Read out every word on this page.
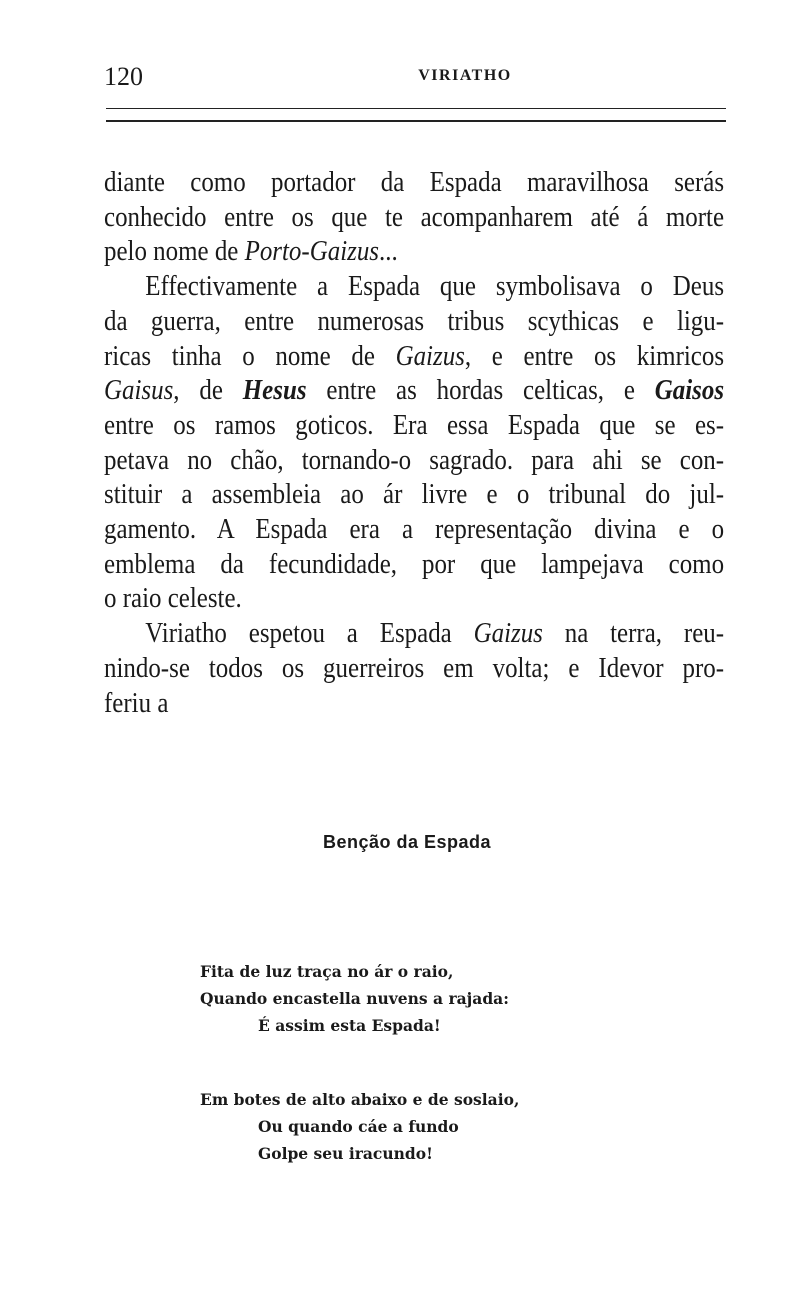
120	VIRIATHO
diante como portador da Espada maravilhosa serás
conhecido entre os que te acompanharem até á morte
pelo nome de Porto-Gaizus...
Effectivamente a Espada que symbolisava o Deus
da guerra, entre numerosas tribus scythicas e ligu-
ricas tinha o nome de Gaizus, e entre os kimricos
Gaisus, de Hesus entre as hordas celticas, e Gaisos
entre os ramos goticos. Era essa Espada que se es-
petava no chão, tornando-o sagrado. para ahi se con-
stituir a assembleia ao ár livre e o tribunal do jul-
gamento. A Espada era a representação divina e o
emblema da fecundidade, por que lampejava como
o raio celeste.
Viriatho espetou a Espada Gaizus na terra, reu-
nindo-se todos os guerreiros em volta; e Idevor pro-
feriu a
Benção da Espada
Fita de luz traça no ár o raio,
Quando encastella nuvens a rajada:
É assim esta Espada!
Em botes de alto abaixo e de soslaio,
Ou quando cáe a fundo
Golpe seu iracundo!
